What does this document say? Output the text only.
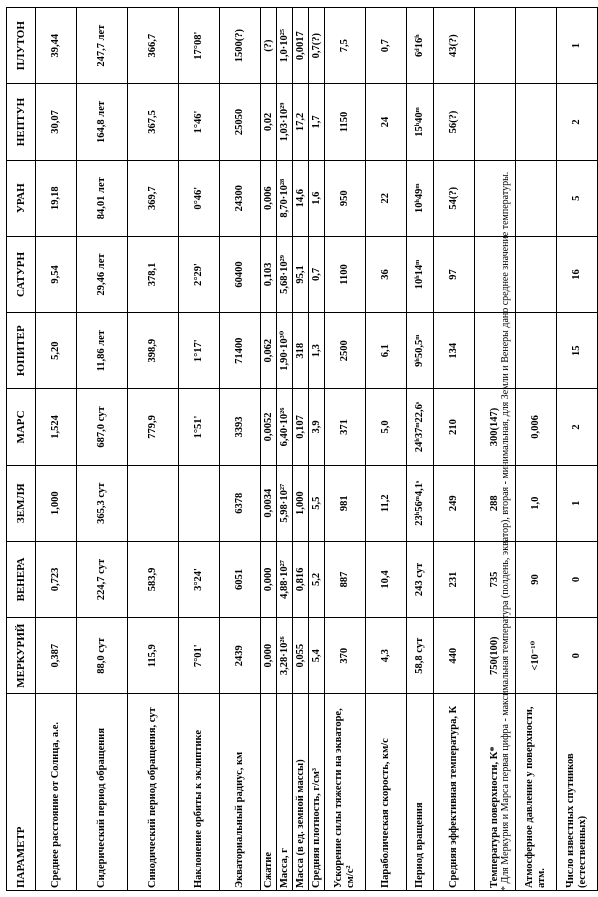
ПАРАМЕТР	МЕРКУРИЙ	ВЕНЕРА	ЗЕМЛЯ	МАРС	ЮПИТЕР	САТУРН	УРАН	НЕПТУН	ПЛУТОН
Среднее расстояние от Солнца, а.е.	0,387	0,723	1,000	1,524	5,20	9,54	19,18	30,07	39,44
Сидерический период обращения	88,0 сут	224,7 сут	365,3 сут	687,0 сут	11,86 лет	29,46 лет	84,01 лет	164,8 лет	247,7 лет
Синодический период обращения, сут	115,9	583,9		779,9	398,9	378,1	369,7	367,5	366,7
Наклонение орбиты к эклиптике	7°01'	3°24'		1°51'	1°17'	2°29'	0°46'	1°46'	17°08'
Экваториальный радиус, км	2439	6051	6378	3393	71400	60400	24300	25050	1500(?)
Сжатие	0,000	0,000	0,0034	0,0052	0,062	0,103	0,006	0,02	(?)
Масса, г	3,28·10²⁶	4,88·10²⁷	5,98·10²⁷	6,40·10²⁶	1,90·10³⁰	5,68·10²⁹	8,70·10²⁸	1,03·10²⁹	1,0·10²⁵
Масса (в ед. земной массы)	0,055	0,816	1,000	0,107	318	95,1	14,6	17,2	0,0017
Средняя плотность, г/см³	5,4	5,2	5,5	3,9	1,3	0,7	1,6	1,7	0,7(?)
Ускорение силы тяжести на экваторе, см/с²	370	887	981	371	2500	1100	950	1150	7,5
Параболическая скорость, км/с	4,3	10,4	11,2	5,0	6,1	36	22	24	0,7
Период вращения	58,8 сут	243 сут	23ʰ56ᵐ4,1ˢ	24ʰ37ᵐ22,6ˢ	9ʰ50,5ᵐ	10ʰ14ᵐ	10ʰ49ᵐ	15ʰ40ᵐ	6ᵈ16ʰ
Средняя эффективная температура, К	440	231	249	210	134	97	54(?)	56(?)	43(?)
Температура поверхности, К*	750(100)	735	288	300(147)					
Атмосферное давление у поверхности, атм.	<10⁻¹⁰	90	1,0	0,006					
Число известных спутников (естественных)	0	0	1	2	15	16	5	2	1
* Для Меркурия и Марса первая цифра - максимальная температура (полдень, экватор), вторая - минимальная, для Земли и Венеры дано среднее значение температуры.
